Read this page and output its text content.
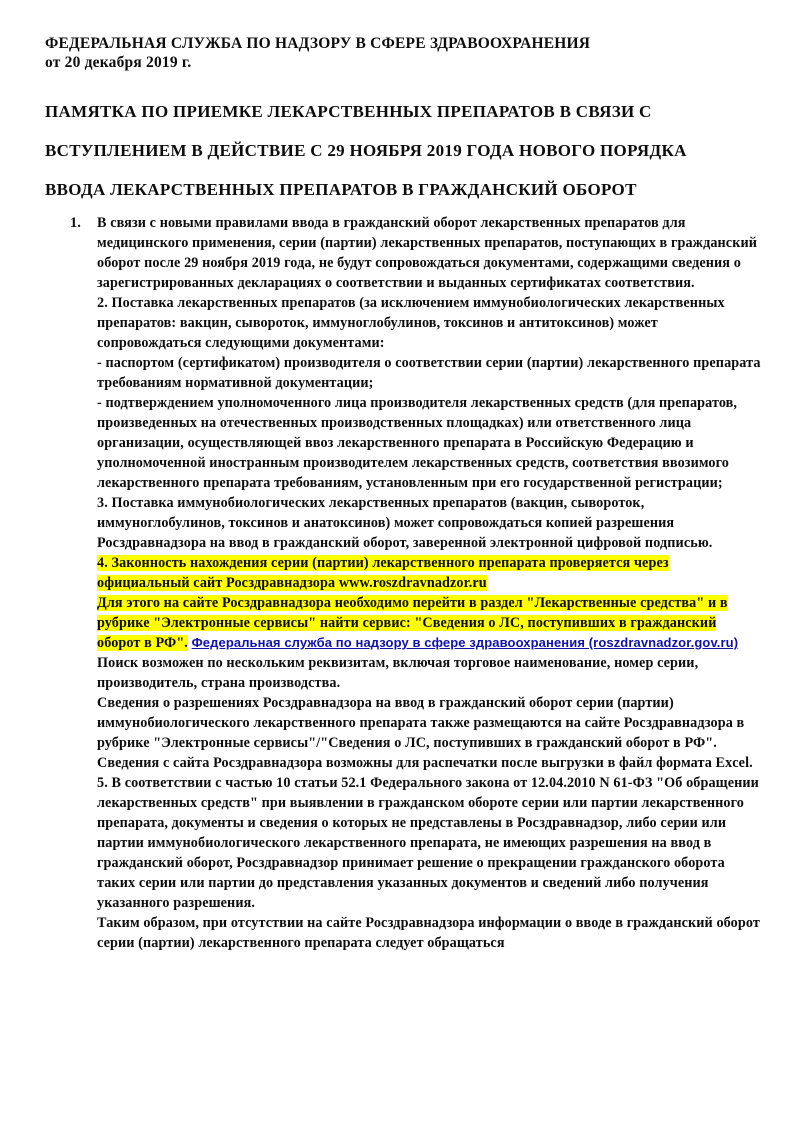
ФЕДЕРАЛЬНАЯ СЛУЖБА ПО НАДЗОРУ В СФЕРЕ ЗДРАВООХРАНЕНИЯ
от 20 декабря 2019 г.
ПАМЯТКА ПО ПРИЕМКЕ ЛЕКАРСТВЕННЫХ ПРЕПАРАТОВ В СВЯЗИ С
ВСТУПЛЕНИЕМ В ДЕЙСТВИЕ С 29 НОЯБРЯ 2019 ГОДА НОВОГО ПОРЯДКА
ВВОДА ЛЕКАРСТВЕННЫХ ПРЕПАРАТОВ В ГРАЖДАНСКИЙ ОБОРОТ
1. В связи с новыми правилами ввода в гражданский оборот лекарственных препаратов для медицинского применения, серии (партии) лекарственных препаратов, поступающих в гражданский оборот после 29 ноября 2019 года, не будут сопровождаться документами, содержащими сведения о зарегистрированных декларациях о соответствии и выданных сертификатах соответствия.

2. Поставка лекарственных препаратов (за исключением иммунобиологических лекарственных препаратов: вакцин, сывороток, иммуноглобулинов, токсинов и антитоксинов) может сопровождаться следующими документами:

- паспортом (сертификатом) производителя о соответствии серии (партии) лекарственного препарата требованиям нормативной документации;

- подтверждением уполномоченного лица производителя лекарственных средств (для препаратов, произведенных на отечественных производственных площадках) или ответственного лица организации, осуществляющей ввоз лекарственного препарата в Российскую Федерацию и уполномоченной иностранным производителем лекарственных средств, соответствия ввозимого лекарственного препарата требованиям, установленным при его государственной регистрации;

3. Поставка иммунобиологических лекарственных препаратов (вакцин, сывороток, иммуноглобулинов, токсинов и анатоксинов) может сопровождаться копией разрешения Росздравнадзора на ввод в гражданский оборот, заверенной электронной цифровой подписью.

4. Законность нахождения серии (партии) лекарственного препарата проверяется через официальный сайт Росздравнадзора www.roszdravnadzor.ru

Для этого на сайте Росздравнадзора необходимо перейти в раздел "Лекарственные средства" и в рубрике "Электронные сервисы" найти сервис: "Сведения о ЛС, поступивших в гражданский оборот в РФ". Федеральная служба по надзору в сфере здравоохранения (roszdravnadzor.gov.ru)

Поиск возможен по нескольким реквизитам, включая торговое наименование, номер серии, производитель, страна производства.

Сведения о разрешениях Росздравнадзора на ввод в гражданский оборот серии (партии) иммунобиологического лекарственного препарата также размещаются на сайте Росздравнадзора в рубрике "Электронные сервисы"/"Сведения о ЛС, поступивших в гражданский оборот в РФ".

Сведения с сайта Росздравнадзора возможны для распечатки после выгрузки в файл формата Excel.

5. В соответствии с частью 10 статьи 52.1 Федерального закона от 12.04.2010 N 61-ФЗ "Об обращении лекарственных средств" при выявлении в гражданском обороте серии или партии лекарственного препарата, документы и сведения о которых не представлены в Росздравнадзор, либо серии или партии иммунобиологического лекарственного препарата, не имеющих разрешения на ввод в гражданский оборот, Росздравнадзор принимает решение о прекращении гражданского оборота таких серии или партии до представления указанных документов и сведений либо получения указанного разрешения.

Таким образом, при отсутствии на сайте Росздравнадзора информации о вводе в гражданский оборот серии (партии) лекарственного препарата следует обращаться
